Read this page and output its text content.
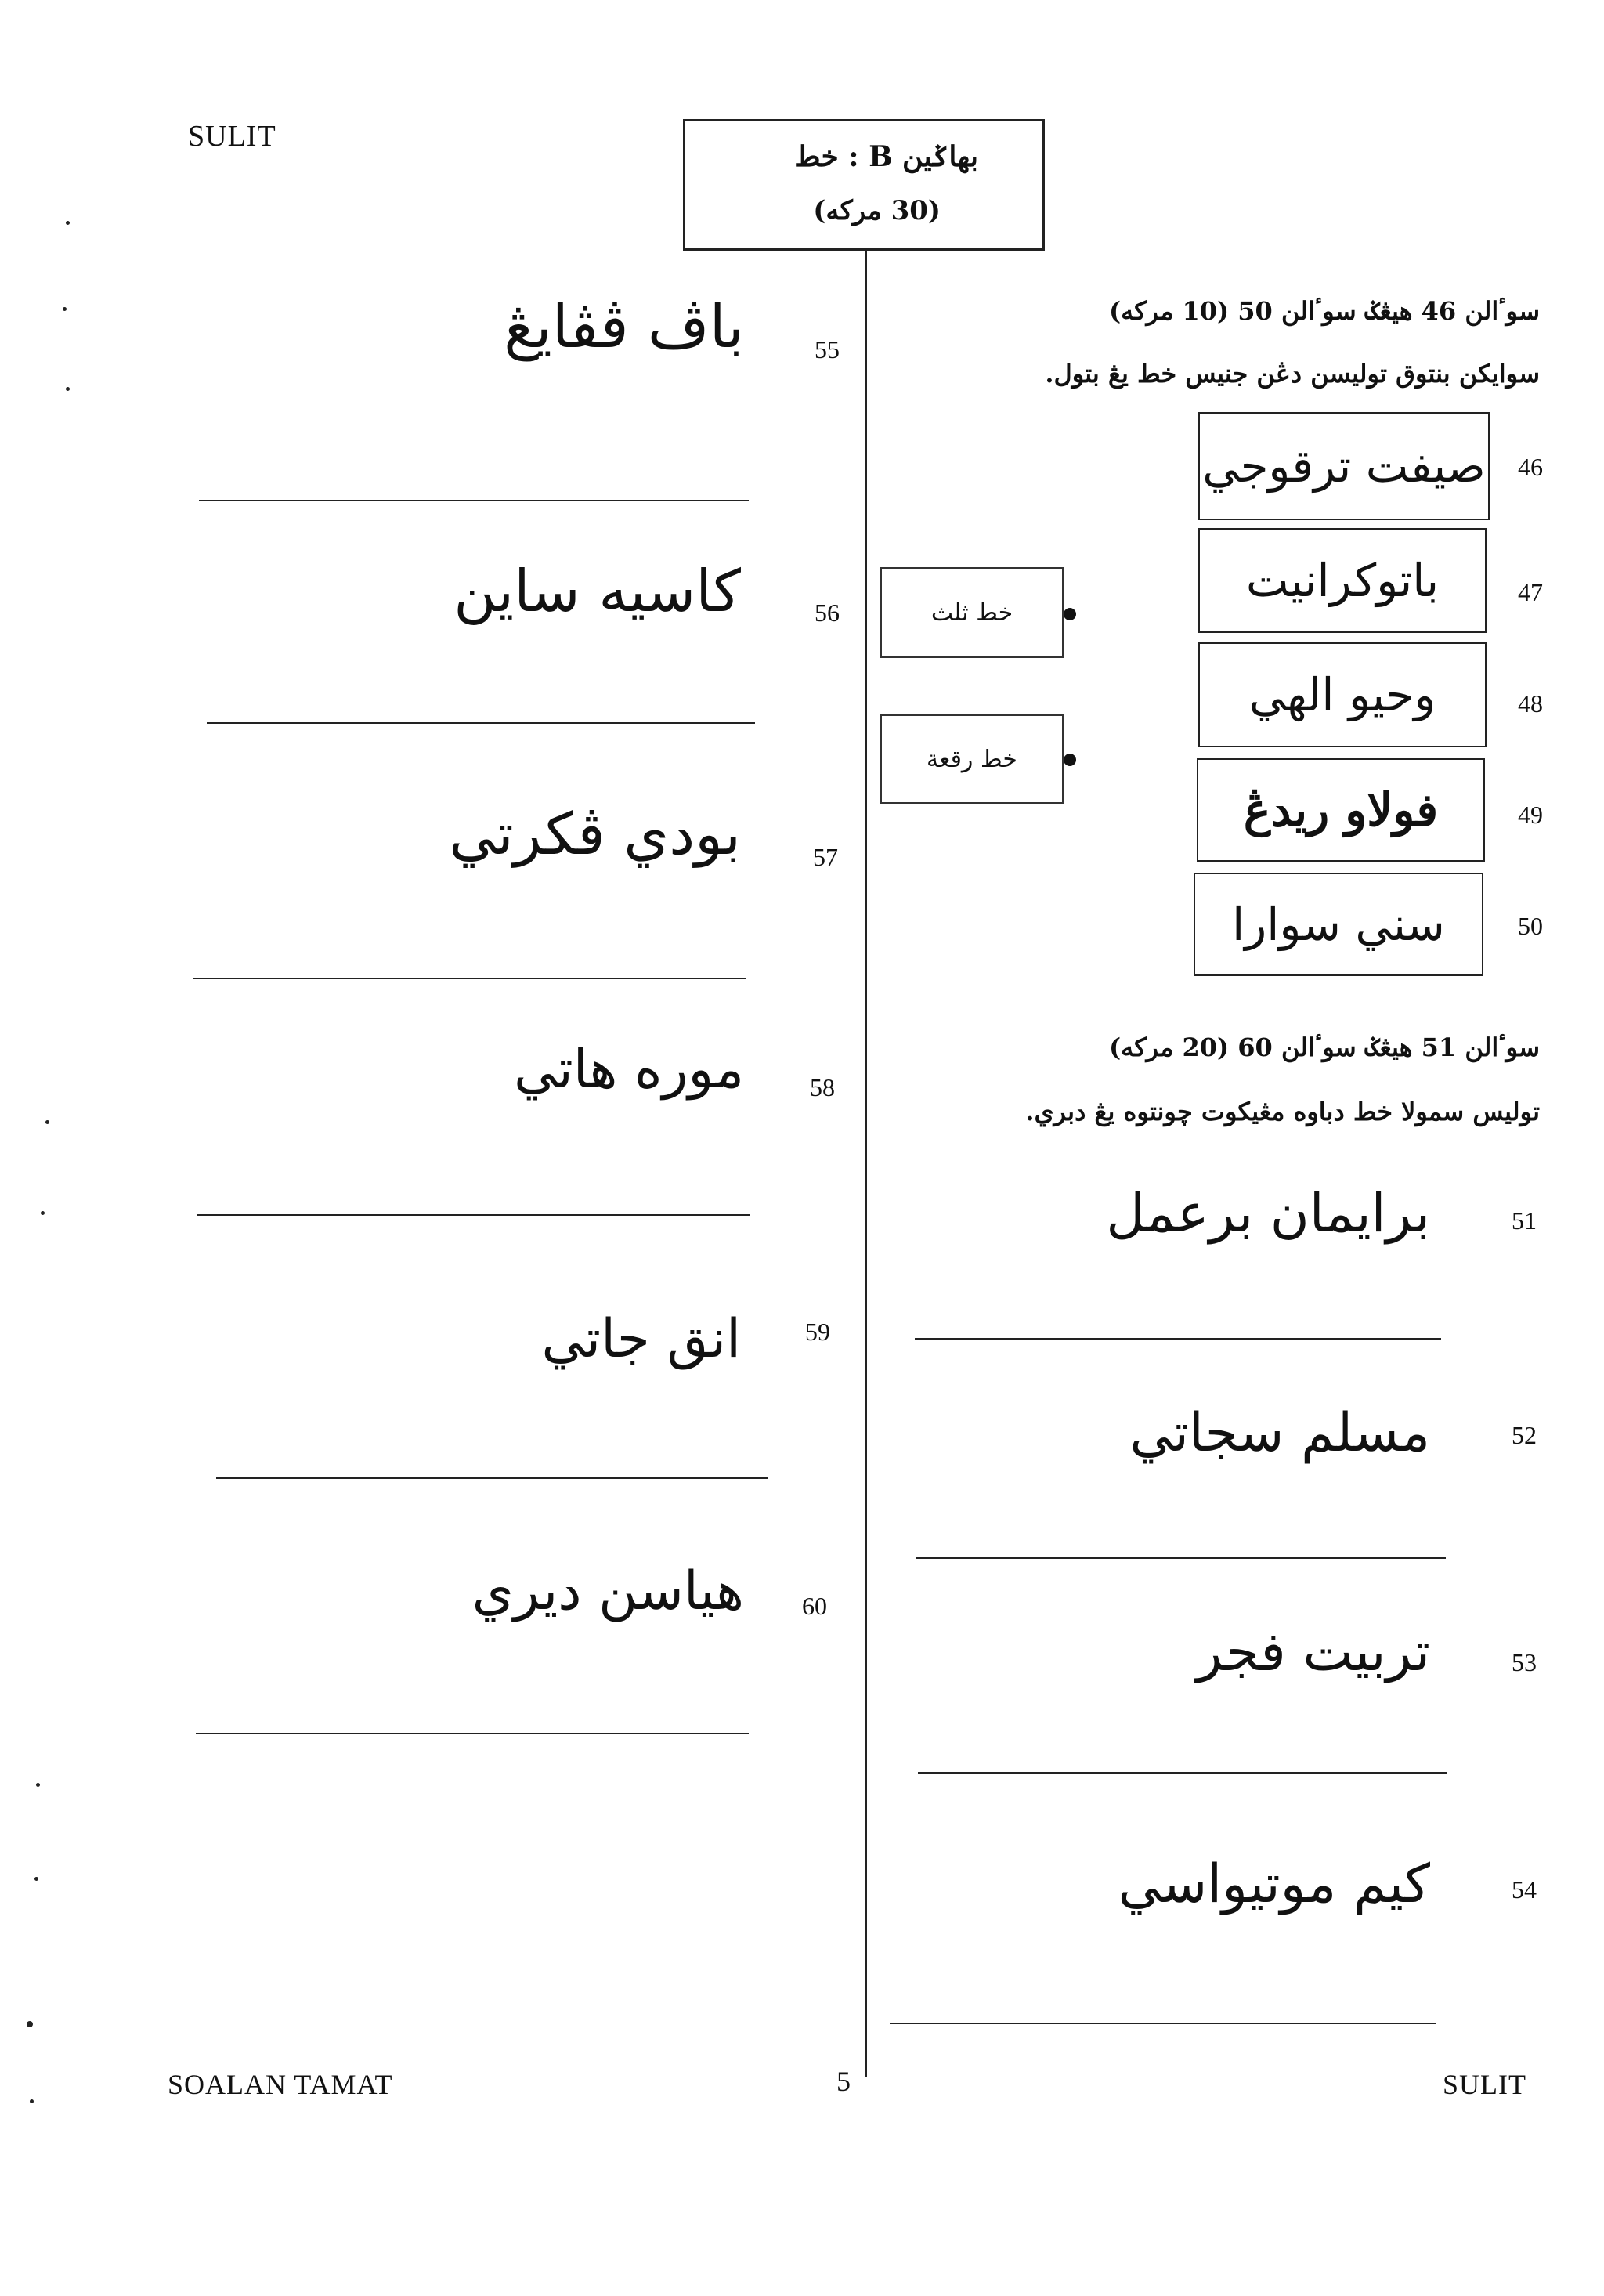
SULIT
بهاݢين B : خط
(30 مرکه)
سوٴالن 46 هيڠݢ سوٴالن 50 (10 مرکه)
سوايکن بنتوق توليسن دڠن جنيس خط يڠ بتول.
صيفت ترقوجي	46
باتوکرانيت	47
وحيو الهي	48
فولاو ريدڠ	49
سني سوارا	50
خط ثلث
خط رقعة
سوٴالن 51 هيڠݢ سوٴالن 60 (20 مرکه)
توليس سمولا خط دباوه مڠيکوت چونتوه يڠ دبري.
برايمان برعمل	51
مسلم سجاتي	52
تربيت فجر	53
کيم موتيواسي	54
باڤ ڤڤايڠ	55
کاسيه ساين	56
بودي ڤکرتي	57
موره هاتي	58
انق جاتي	59
هياسن ديري	60
SOALAN TAMAT	5	SULIT
